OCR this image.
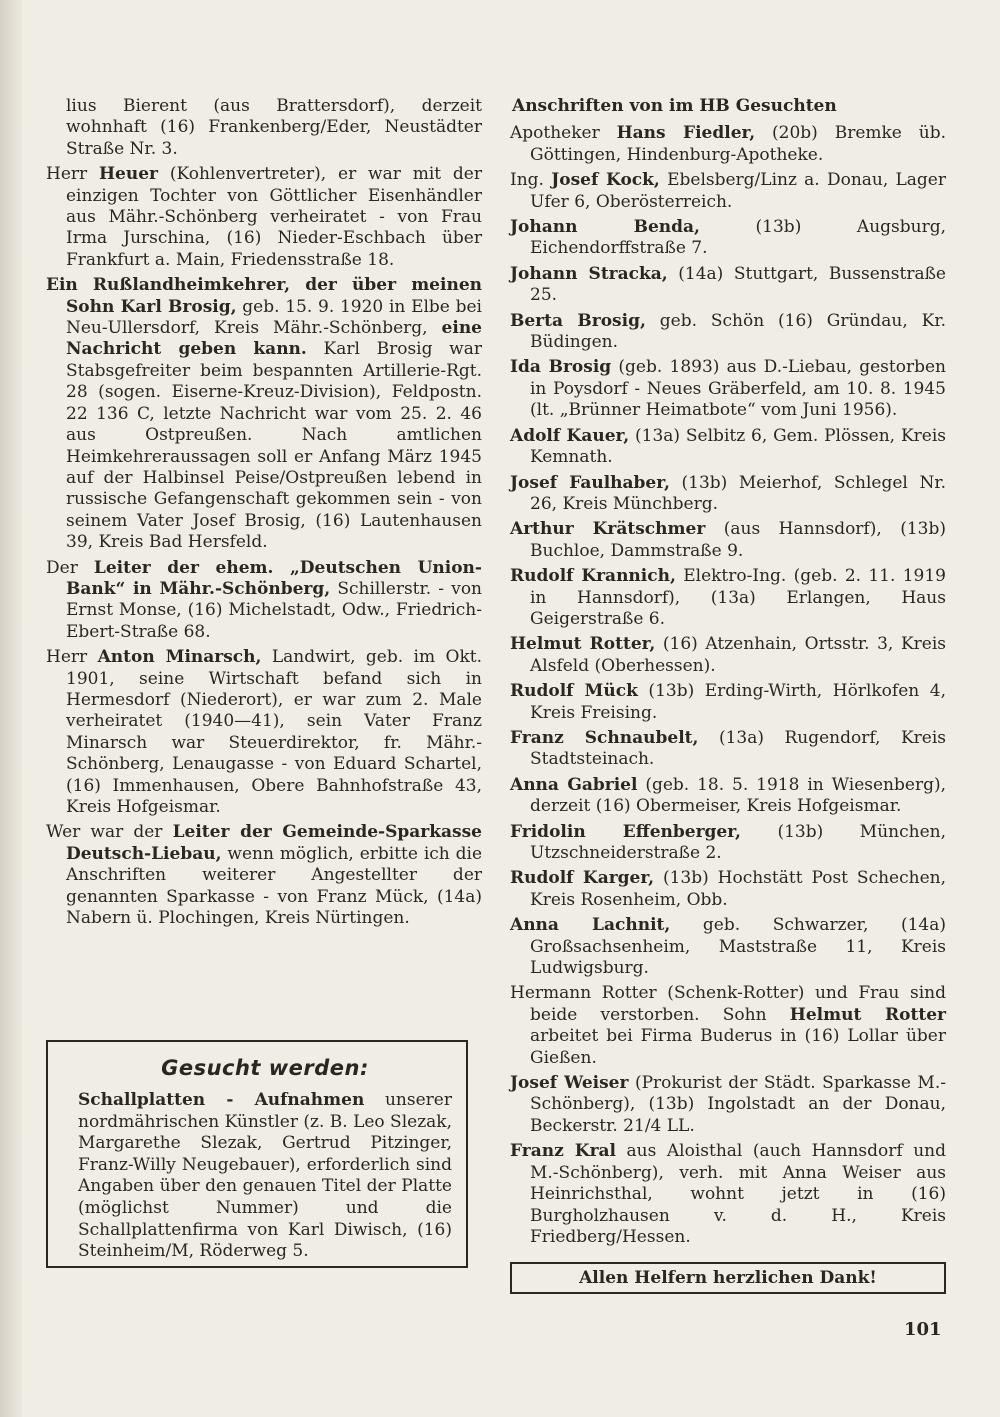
lius Bierent (aus Brattersdorf), derzeit wohnhaft (16) Frankenberg/Eder, Neustädter Straße Nr. 3.

Herr Heuer (Kohlenvertreter), er war mit der einzigen Tochter von Göttlicher Eisenhändler aus Mähr.-Schönberg verheiratet - von Frau Irma Jurschina, (16) Nieder-Eschbach über Frankfurt a. Main, Friedensstraße 18.

Ein Rußlandheimkehrer, der über meinen Sohn Karl Brosig, geb. 15. 9. 1920 in Elbe bei Neu-Ullersdorf, Kreis Mähr.-Schönberg, eine Nachricht geben kann. Karl Brosig war Stabsgefreiter beim bespannten Artillerie-Rgt. 28 (sogen. Eiserne-Kreuz-Division), Feldpostn. 22 136 C, letzte Nachricht war vom 25. 2. 46 aus Ostpreußen. Nach amtlichen Heimkehreraussagen soll er Anfang März 1945 auf der Halbinsel Peise/Ostpreußen lebend in russische Gefangenschaft gekommen sein - von seinem Vater Josef Brosig, (16) Lautenhausen 39, Kreis Bad Hersfeld.

Der Leiter der ehem. „Deutschen Union-Bank“ in Mähr.-Schönberg, Schillerstr. - von Ernst Monse, (16) Michelstadt, Odw., Friedrich-Ebert-Straße 68.

Herr Anton Minarsch, Landwirt, geb. im Okt. 1901, seine Wirtschaft befand sich in Hermesdorf (Niederort), er war zum 2. Male verheiratet (1940—41), sein Vater Franz Minarsch war Steuerdirektor, fr. Mähr.-Schönberg, Lenaugasse - von Eduard Schartel, (16) Immenhausen, Obere Bahnhofstraße 43, Kreis Hofgeismar.

Wer war der Leiter der Gemeinde-Sparkasse Deutsch-Liebau, wenn möglich, erbitte ich die Anschriften weiterer Angestellter der genannten Sparkasse - von Franz Mück, (14a) Nabern ü. Plochingen, Kreis Nürtingen.

Gesucht werden:
Schallplatten - Aufnahmen unserer nordmährischen Künstler (z. B. Leo Slezak, Margarethe Slezak, Gertrud Pitzinger, Franz-Willy Neugebauer), erforderlich sind Angaben über den genauen Titel der Platte (möglichst Nummer) und die Schallplattenfirma von Karl Diwisch, (16) Steinheim/M, Röderweg 5.
Anschriften von im HB Gesuchten

Apotheker Hans Fiedler, (20b) Bremke üb. Göttingen, Hindenburg-Apotheke.

Ing. Josef Kock, Ebelsberg/Linz a. Donau, Lager Ufer 6, Oberösterreich.

Johann Benda, (13b) Augsburg, Eichendorffstraße 7.

Johann Stracka, (14a) Stuttgart, Bussenstraße 25.

Berta Brosig, geb. Schön (16) Gründau, Kr. Büdingen.

Ida Brosig (geb. 1893) aus D.-Liebau, gestorben in Poysdorf - Neues Gräberfeld, am 10. 8. 1945 (lt. „Brünner Heimatbote“ vom Juni 1956).

Adolf Kauer, (13a) Selbitz 6, Gem. Plössen, Kreis Kemnath.

Josef Faulhaber, (13b) Meierhof, Schlegel Nr. 26, Kreis Münchberg.

Arthur Krätschmer (aus Hannsdorf), (13b) Buchloe, Dammstraße 9.

Rudolf Krannich, Elektro-Ing. (geb. 2. 11. 1919 in Hannsdorf), (13a) Erlangen, Haus Geigerstraße 6.

Helmut Rotter, (16) Atzenhain, Ortsstr. 3, Kreis Alsfeld (Oberhessen).

Rudolf Mück (13b) Erding-Wirth, Hörlkofen 4, Kreis Freising.

Franz Schnaubelt, (13a) Rugendorf, Kreis Stadtsteinach.

Anna Gabriel (geb. 18. 5. 1918 in Wiesenberg), derzeit (16) Obermeiser, Kreis Hofgeismar.

Fridolin Effenberger, (13b) München, Utzschneiderstraße 2.

Rudolf Karger, (13b) Hochstätt Post Schechen, Kreis Rosenheim, Obb.

Anna Lachnit, geb. Schwarzer, (14a) Großsachsenheim, Maststraße 11, Kreis Ludwigsburg.

Hermann Rotter (Schenk-Rotter) und Frau sind beide verstorben. Sohn Helmut Rotter arbeitet bei Firma Buderus in (16) Lollar über Gießen.

Josef Weiser (Prokurist der Städt. Sparkasse M.-Schönberg), (13b) Ingolstadt an der Donau, Beckerstr. 21/4 LL.

Franz Kral aus Aloisthal (auch Hannsdorf und M.-Schönberg), verh. mit Anna Weiser aus Heinrichsthal, wohnt jetzt in (16) Burgholzhausen v. d. H., Kreis Friedberg/Hessen.

Allen Helfern herzlichen Dank!
101
